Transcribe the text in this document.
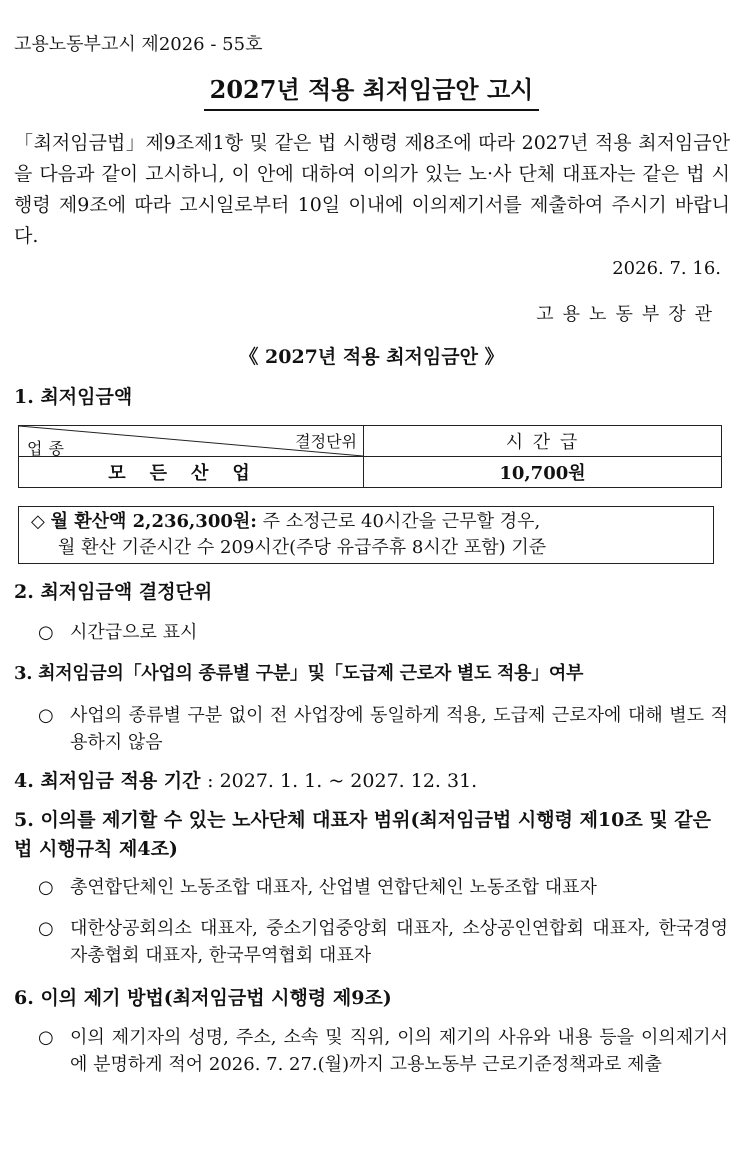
고용노동부고시 제2026 - 55호
2027년 적용 최저임금안 고시
「최저임금법」제9조제1항 및 같은 법 시행령 제8조에 따라 2027년 적용 최저임금안을 다음과 같이 고시하니, 이 안에 대하여 이의가 있는 노·사 단체 대표자는 같은 법 시행령 제9조에 따라 고시일로부터 10일 이내에 이의제기서를 제출하여 주시기 바랍니다.
2026. 7. 16.
고용노동부장관
《 2027년 적용 최저임금안 》
1. 최저임금액
결정단위
업종	시 간 급
모든산업	10,700원
◇ 월 환산액 2,236,300원: 주 소정근로 40시간을 근무할 경우,
월 환산 기준시간 수 209시간(주당 유급주휴 8시간 포함) 기준
2. 최저임금액 결정단위
○ 시간급으로 표시
3. 최저임금의「사업의 종류별 구분」및「도급제 근로자 별도 적용」여부
○ 사업의 종류별 구분 없이 전 사업장에 동일하게 적용, 도급제 근로자에 대해 별도 적용하지 않음
4. 최저임금 적용 기간 : 2027. 1. 1. ~ 2027. 12. 31.
5. 이의를 제기할 수 있는 노사단체 대표자 범위(최저임금법 시행령 제10조 및 같은 법 시행규칙 제4조)
○ 총연합단체인 노동조합 대표자, 산업별 연합단체인 노동조합 대표자
○ 대한상공회의소 대표자, 중소기업중앙회 대표자, 소상공인연합회 대표자, 한국경영자총협회 대표자, 한국무역협회 대표자
6. 이의 제기 방법(최저임금법 시행령 제9조)
○ 이의 제기자의 성명, 주소, 소속 및 직위, 이의 제기의 사유와 내용 등을 이의제기서에 분명하게 적어 2026. 7. 27.(월)까지 고용노동부 근로기준정책과로 제출
